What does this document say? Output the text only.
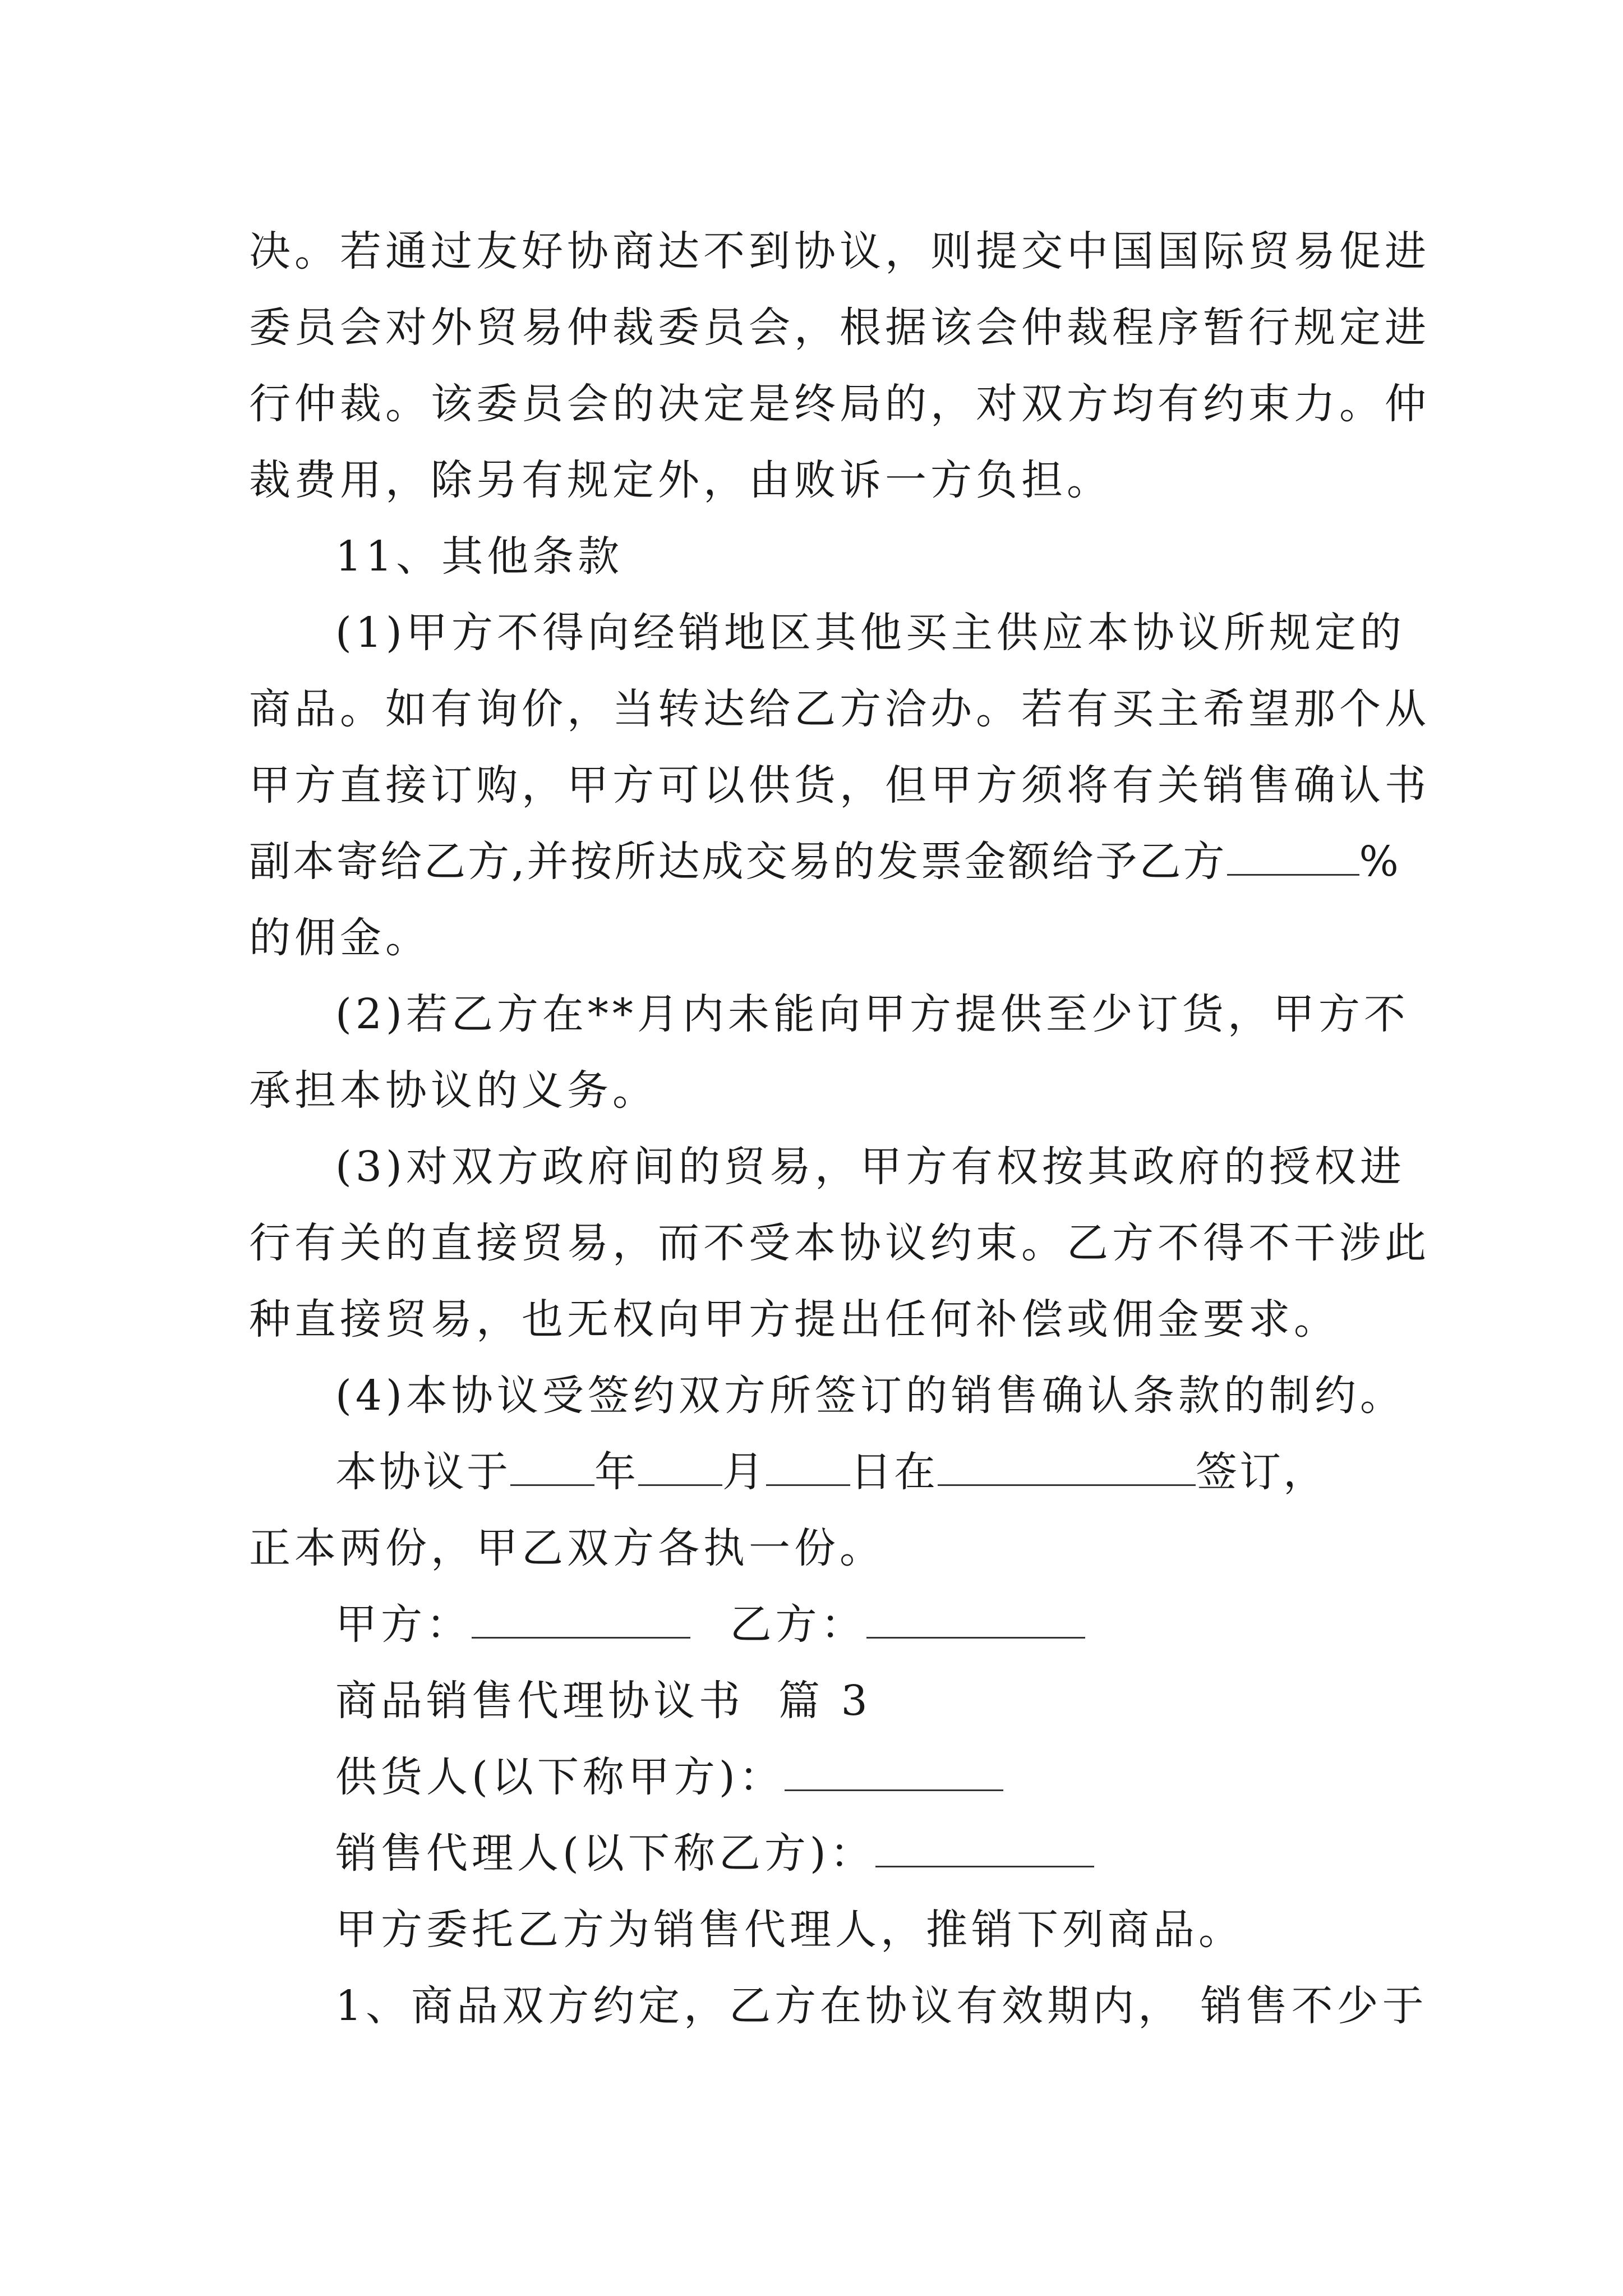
决。若通过友好协商达不到协议，则提交中国国际贸易促进
委员会对外贸易仲裁委员会，根据该会仲裁程序暂行规定进
行仲裁。该委员会的决定是终局的，对双方均有约束力。仲
裁费用，除另有规定外，由败诉一方负担。
11、其他条款
(1)甲方不得向经销地区其他买主供应本协议所规定的
商品。如有询价，当转达给乙方洽办。若有买主希望那个从
甲方直接订购，甲方可以供货，但甲方须将有关销售确认书
副本寄给乙方,并按所达成交易的发票金额给予乙方	%
的佣金。
(2)若乙方在**月内未能向甲方提供至少订货，甲方不
承担本协议的义务。
(3)对双方政府间的贸易，甲方有权按其政府的授权进
行有关的直接贸易，而不受本协议约束。乙方不得不干涉此
种直接贸易，也无权向甲方提出任何补偿或佣金要求。
(4)本协议受签约双方所签订的销售确认条款的制约。
本协议于 年 月 日在	签订，
正本两份，甲乙双方各执一份。
甲方：	乙方：
商品销售代理协议书  篇 3
供货人(以下称甲方)：
销售代理人(以下称乙方)：
甲方委托乙方为销售代理人，推销下列商品。
1、商品双方约定，乙方在协议有效期内， 销售不少于
